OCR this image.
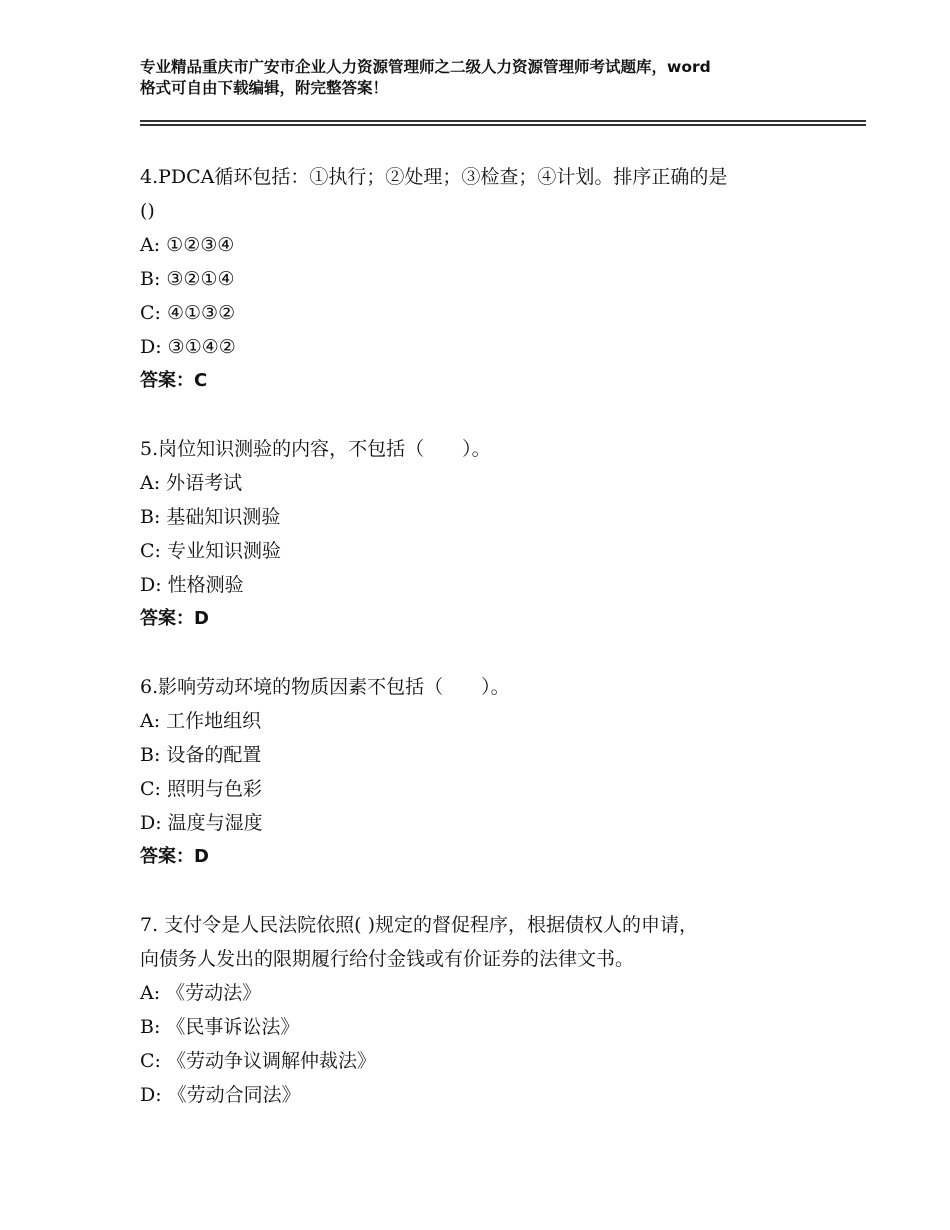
专业精品重庆市广安市企业人力资源管理师之二级人力资源管理师考试题库，word
格式可自由下载编辑，附完整答案！
4.PDCA循环包括：①执行；②处理；③检查；④计划。排序正确的是
()
A: ①②③④
B: ③②①④
C: ④①③②
D: ③①④②
答案：C
5.岗位知识测验的内容，不包括（　　）。
A: 外语考试
B: 基础知识测验
C: 专业知识测验
D: 性格测验
答案：D
6.影响劳动环境的物质因素不包括（　　）。
A: 工作地组织
B: 设备的配置
C: 照明与色彩
D: 温度与湿度
答案：D
7. 支付令是人民法院依照( )规定的督促程序，根据债权人的申请，
向债务人发出的限期履行给付金钱或有价证券的法律文书。
A: 《劳动法》
B: 《民事诉讼法》
C: 《劳动争议调解仲裁法》
D: 《劳动合同法》
